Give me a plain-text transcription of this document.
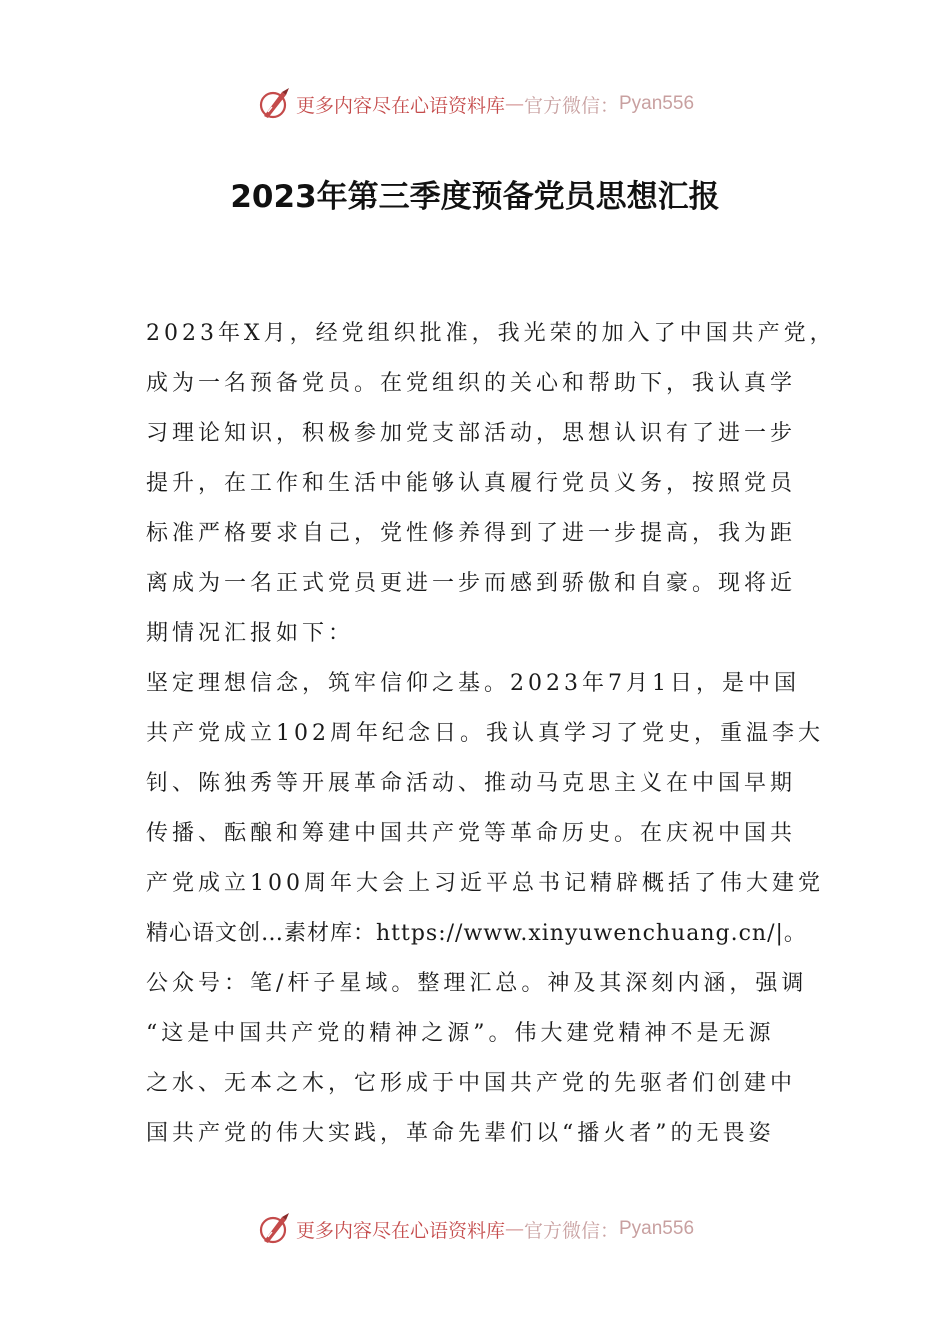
更多内容尽在心语资料库 — 官方微信： Pyan556
2023年第三季度预备党员思想汇报

2023年X月，经党组织批准，我光荣的加入了中国共产党，

成为一名预备党员。在党组织的关心和帮助下，我认真学

习理论知识，积极参加党支部活动，思想认识有了进一步

提升，在工作和生活中能够认真履行党员义务，按照党员

标准严格要求自己，党性修养得到了进一步提高，我为距

离成为一名正式党员更进一步而感到骄傲和自豪。现将近

期情况汇报如下：

坚定理想信念，筑牢信仰之基。2023年7月1日，是中国

共产党成立102周年纪念日。我认真学习了党史，重温李大

钊、陈独秀等开展革命活动、推动马克思主义在中国早期

传播、酝酿和筹建中国共产党等革命历史。在庆祝中国共

产党成立100周年大会上习近平总书记精辟概括了伟大建党

精心语文创…素材库：https://www.xinyuwenchuang.cn/|。

公众号：笔/杆子星域。整理汇总。神及其深刻内涵，强调

“这是中国共产党的精神之源”。伟大建党精神不是无源

之水、无本之木，它形成于中国共产党的先驱者们创建中

国共产党的伟大实践，革命先辈们以“播火者”的无畏姿

更多内容尽在心语资料库 — 官方微信： Pyan556
